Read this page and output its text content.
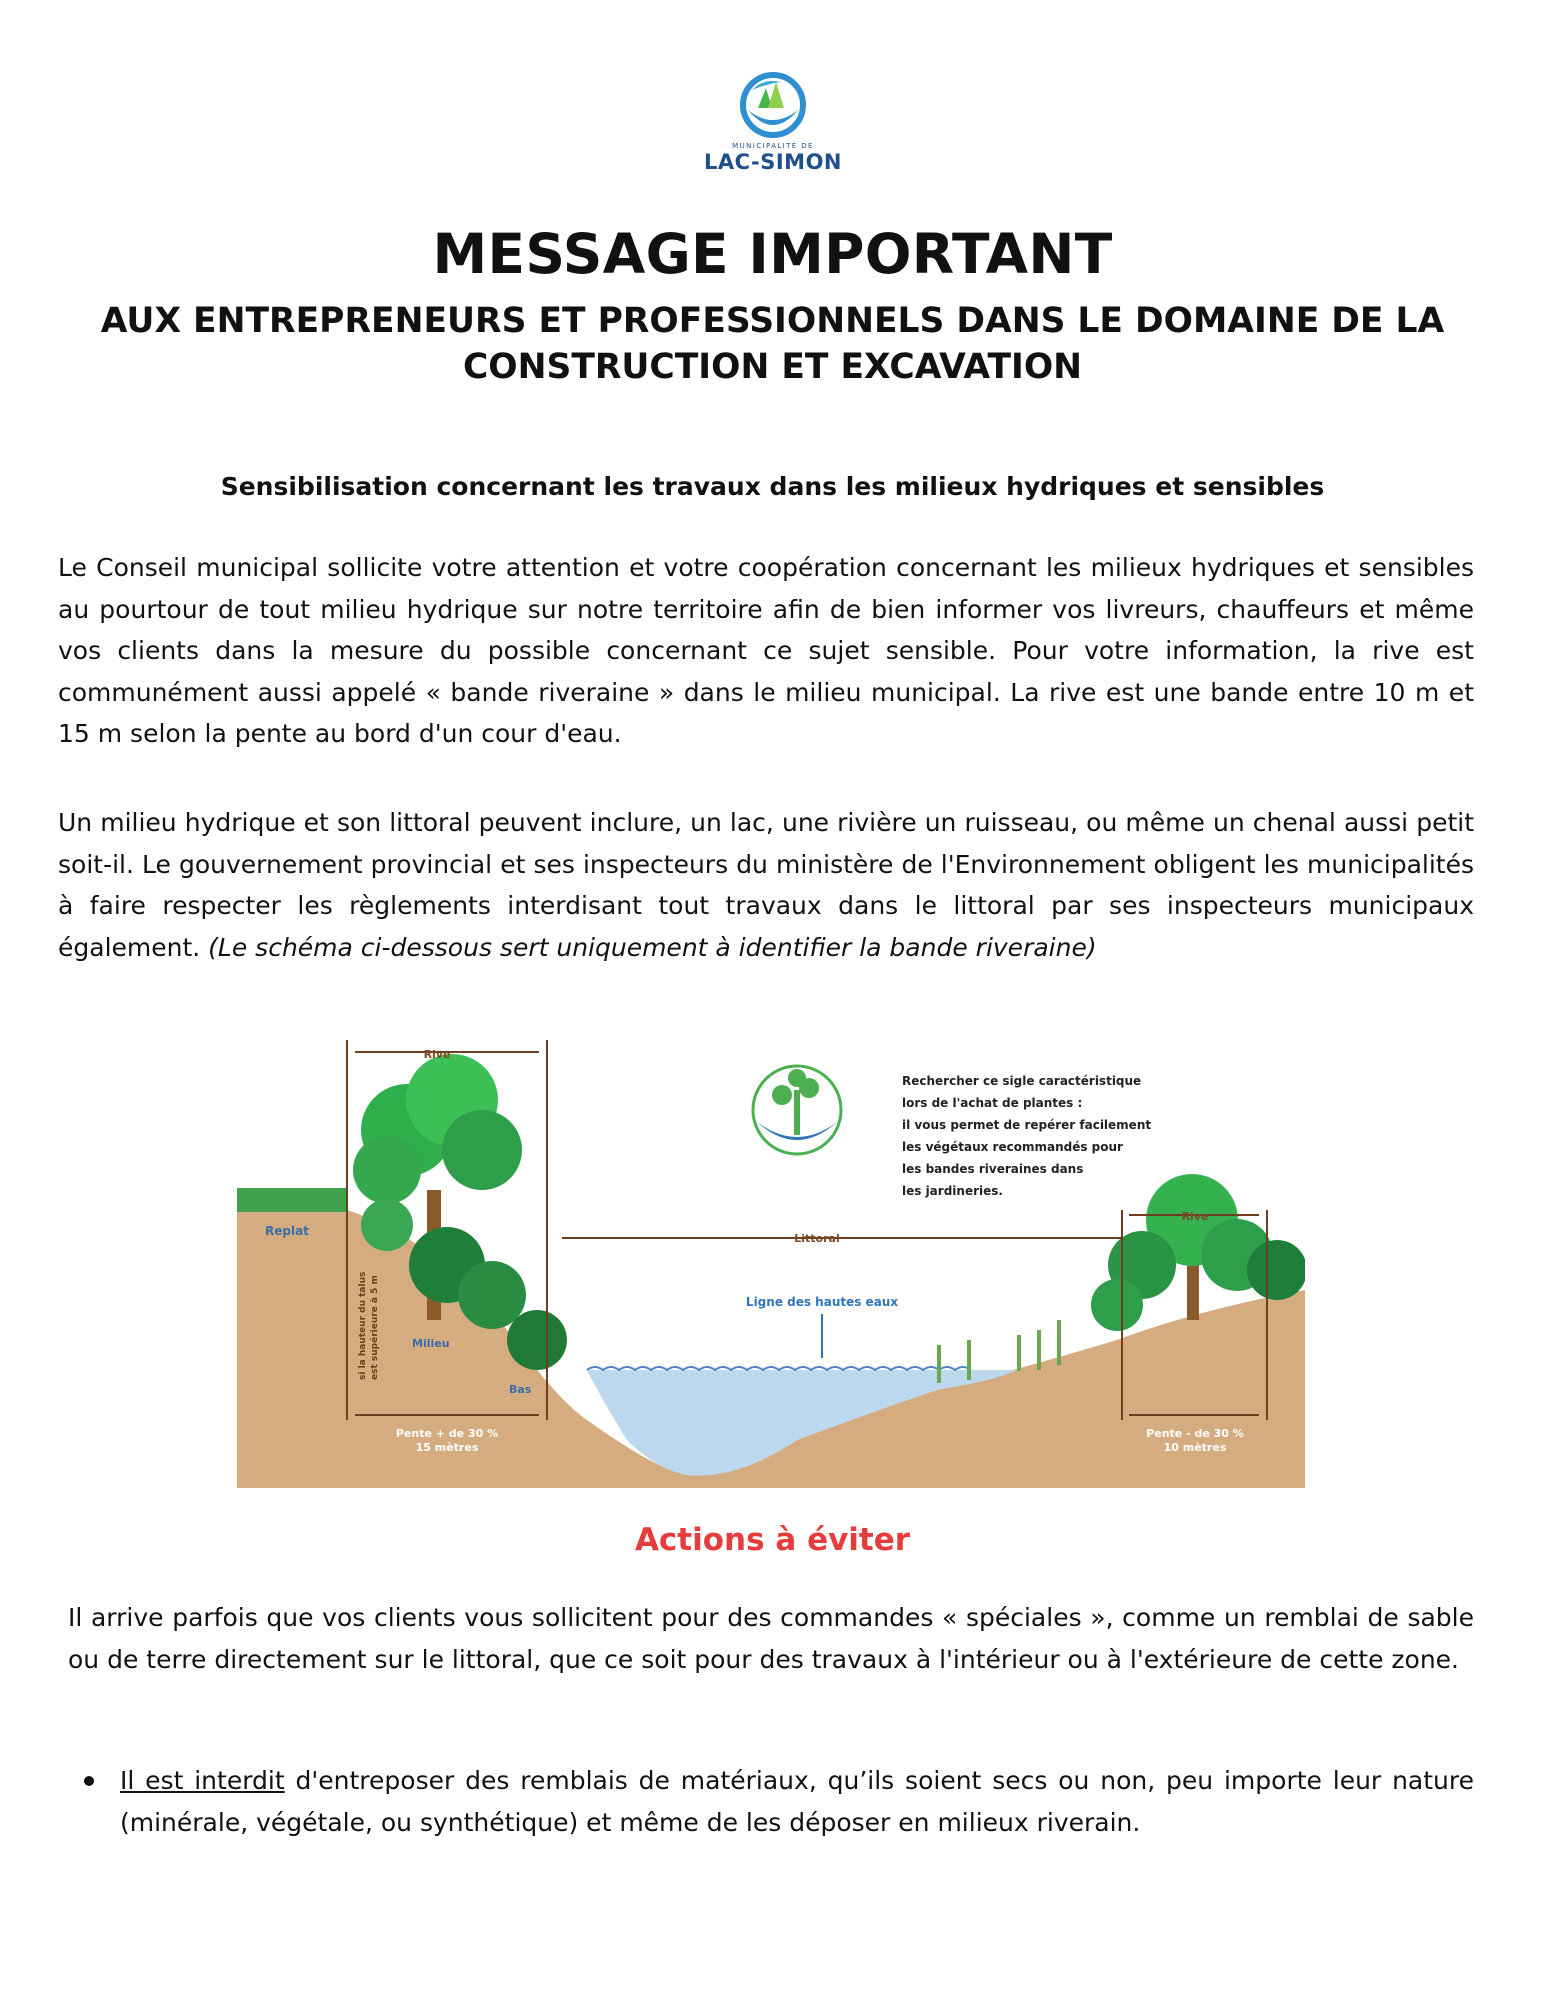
MUNICIPALITÉ DE
LAC-SIMON
MESSAGE IMPORTANT
AUX ENTREPRENEURS ET PROFESSIONNELS DANS LE DOMAINE DE LA CONSTRUCTION ET EXCAVATION
Sensibilisation concernant les travaux dans les milieux hydriques et sensibles
Le Conseil municipal sollicite votre attention et votre coopération concernant les milieux hydriques et sensibles au pourtour de tout milieu hydrique sur notre territoire afin de bien informer vos livreurs, chauffeurs et même vos clients dans la mesure du possible concernant ce sujet sensible. Pour votre information, la rive est communément aussi appelé « bande riveraine » dans le milieu municipal. La rive est une bande entre 10 m et 15 m selon la pente au bord d'un cour d'eau.
Un milieu hydrique et son littoral peuvent inclure, un lac, une rivière un ruisseau, ou même un chenal aussi petit soit-il. Le gouvernement provincial et ses inspecteurs du ministère de l'Environnement obligent les municipalités à faire respecter les règlements interdisant tout travaux dans le littoral par ses inspecteurs municipaux également. (Le schéma ci-dessous sert uniquement à identifier la bande riveraine)
Rive
Rive
Replat
Milieu
Bas
si la hauteur du talus est supérieure à 5 m
Littoral
Ligne des hautes eaux
Pente + de 30 %
15 mètres
Pente - de 30 %
10 mètres
Rechercher ce sigle caractéristique
lors de l'achat de plantes :
il vous permet de repérer facilement
les végétaux recommandés pour
les bandes riveraines dans
les jardineries.
Actions à éviter
Il arrive parfois que vos clients vous sollicitent pour des commandes « spéciales », comme un remblai de sable ou de terre directement sur le littoral, que ce soit pour des travaux à l'intérieur ou à l'extérieure de cette zone.
Il est interdit d'entreposer des remblais de matériaux, qu’ils soient secs ou non, peu importe leur nature (minérale, végétale, ou synthétique) et même de les déposer en milieux riverain.
